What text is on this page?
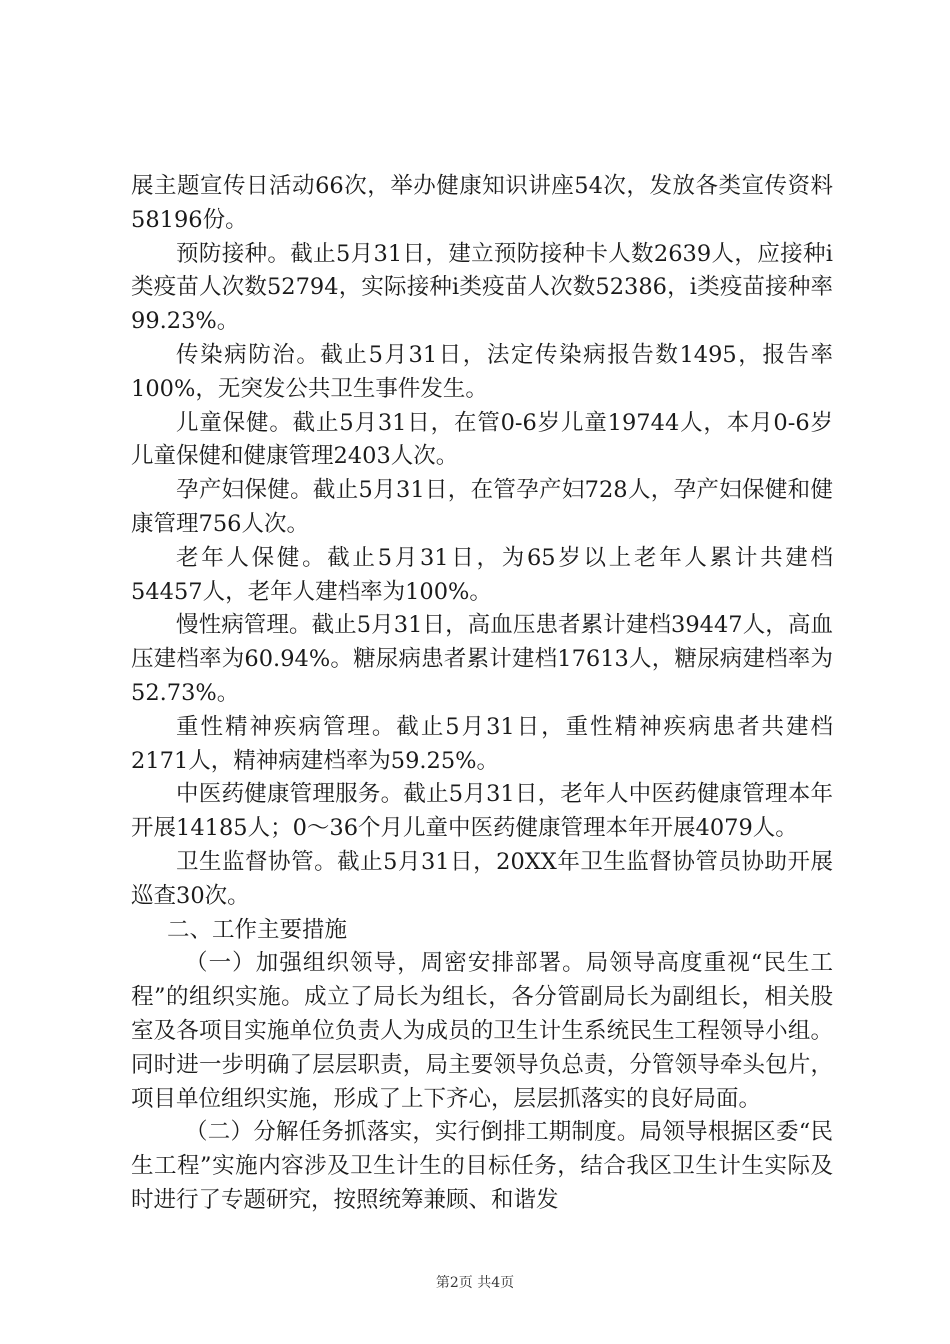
展主题宣传日活动66次，举办健康知识讲座54次，发放各类宣传资料58196份。

预防接种。截止5月31日，建立预防接种卡人数2639人，应接种i类疫苗人次数52794，实际接种i类疫苗人次数52386，i类疫苗接种率99.23%。

传染病防治。截止5月31日，法定传染病报告数1495，报告率100%，无突发公共卫生事件发生。

儿童保健。截止5月31日，在管0-6岁儿童19744人，本月0-6岁儿童保健和健康管理2403人次。

孕产妇保健。截止5月31日，在管孕产妇728人，孕产妇保健和健康管理756人次。

老年人保健。截止5月31日，为65岁以上老年人累计共建档54457人，老年人建档率为100%。

慢性病管理。截止5月31日，高血压患者累计建档39447人，高血压建档率为60.94%。糖尿病患者累计建档17613人，糖尿病建档率为52.73%。

重性精神疾病管理。截止5月31日，重性精神疾病患者共建档2171人，精神病建档率为59.25%。

中医药健康管理服务。截止5月31日，老年人中医药健康管理本年开展14185人；0～36个月儿童中医药健康管理本年开展4079人。

卫生监督协管。截止5月31日，20XX年卫生监督协管员协助开展巡查30次。

二、工作主要措施

（一）加强组织领导，周密安排部署。局领导高度重视“民生工程”的组织实施。成立了局长为组长，各分管副局长为副组长，相关股室及各项目实施单位负责人为成员的卫生计生系统民生工程领导小组。同时进一步明确了层层职责，局主要领导负总责，分管领导牵头包片，项目单位组织实施，形成了上下齐心，层层抓落实的良好局面。

（二）分解任务抓落实，实行倒排工期制度。局领导根据区委“民生工程”实施内容涉及卫生计生的目标任务，结合我区卫生计生实际及时进行了专题研究，按照统筹兼顾、和谐发

第2页 共4页
